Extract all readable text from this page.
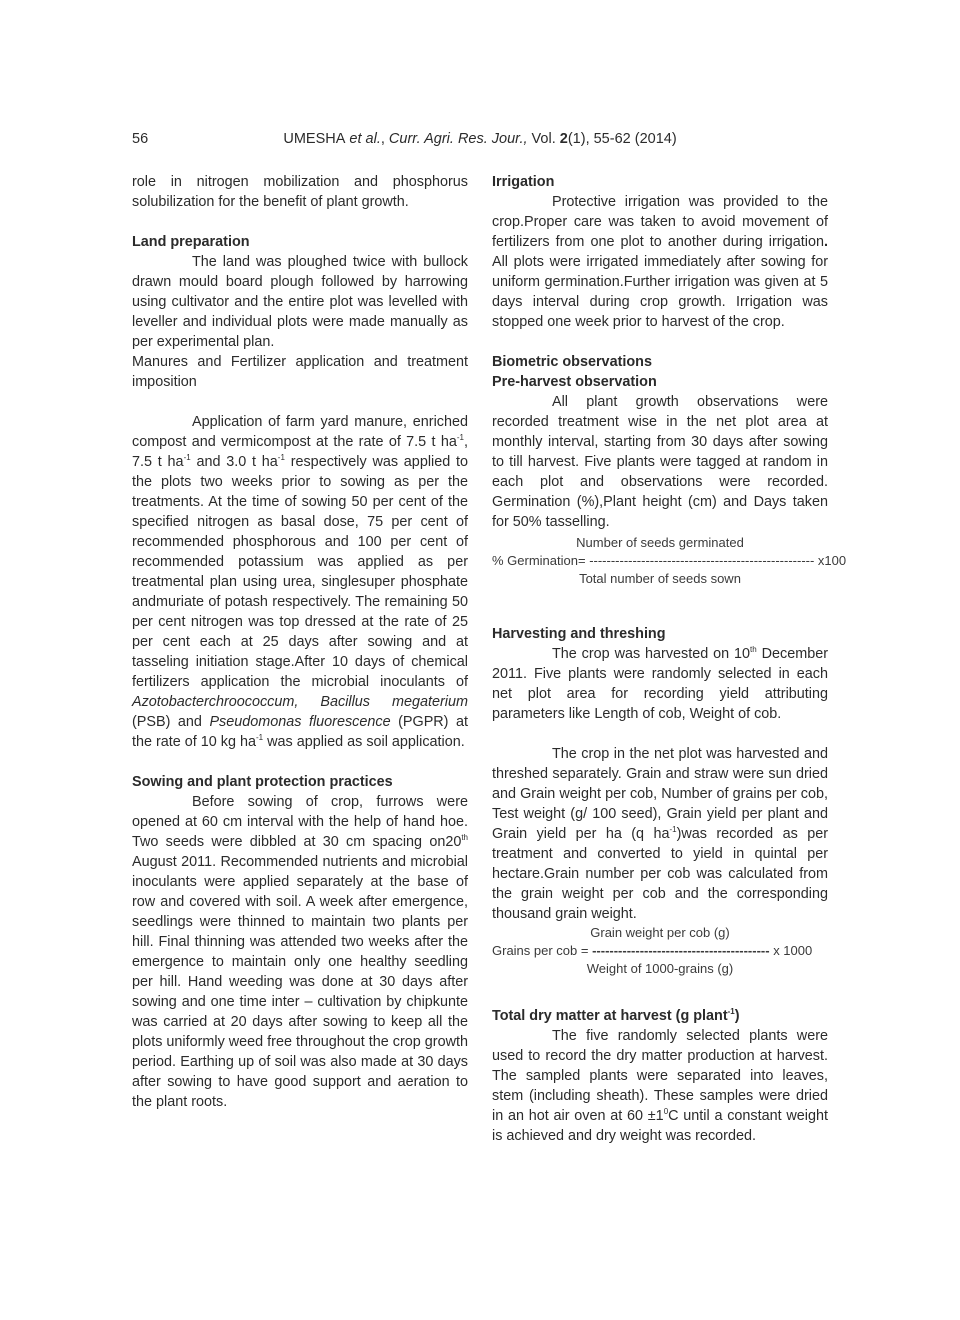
56	UMESHA et al., Curr. Agri. Res. Jour., Vol. 2(1), 55-62 (2014)

role in nitrogen mobilization and phosphorus solubilization for the benefit of plant growth.

Land preparation

The land was ploughed twice with bullock drawn mould board plough followed by harrowing using cultivator and the entire plot was levelled with leveller and individual plots were made manually as per experimental plan.

Manures and Fertilizer application and treatment imposition

Application of farm yard manure, enriched compost and vermicompost at the rate of 7.5 t $ha^{-1}$, 7.5 t $ha^{-1}$ and 3.0 t $ha^{-1}$ respectively was applied to the plots two weeks prior to sowing as per the treatments. At the time of sowing 50 per cent of the specified nitrogen as basal dose, 75 per cent of recommended phosphorous and 100 per cent of recommended potassium was applied as per treatmental plan using urea, singlesuper phosphate andmuriate of potash respectively. The remaining 50 per cent nitrogen was top dressed at the rate of 25 per cent each at 25 days after sowing and at tasseling initiation stage.After 10 days of chemical fertilizers application the microbial inoculants of Azotobacterchroococcum, Bacillus megaterium (PSB) and Pseudomonas fluorescence (PGPR) at the rate of 10 kg $ha^{-1}$ was applied as soil application.

Sowing and plant protection practices

Before sowing of crop, furrows were opened at 60 cm interval with the help of hand hoe. Two seeds were dibbled at 30 cm spacing on20th August 2011. Recommended nutrients and microbial inoculants were applied separately at the base of row and covered with soil. A week after emergence, seedlings were thinned to maintain two plants per hill. Final thinning was attended two weeks after the emergence to maintain only one healthy seedling per hill. Hand weeding was done at 30 days after sowing and one time inter – cultivation by chipkunte was carried at 20 days after sowing to keep all the plots uniformly weed free throughout the crop growth period. Earthing up of soil was also made at 30 days after sowing to have good support and aeration to the plant roots.

Irrigation

Protective irrigation was provided to the crop.Proper care was taken to avoid movement of fertilizers from one plot to another during irrigation. All plots were irrigated immediately after sowing for uniform germination.Further irrigation was given at 5 days interval during crop growth. Irrigation was stopped one week prior to harvest of the crop.

Biometric observations

Pre-harvest observation

All plant growth observations were recorded treatment wise in the net plot area at monthly interval, starting from 30 days after sowing to till harvest. Five plants were tagged at random in each plot and observations were recorded. Germination (%),Plant height (cm) and Days taken for 50% tasselling.

Number of seeds germinated
% Germination= ---------------------------------------------------- x100
Total number of seeds sown

Harvesting and threshing

The crop was harvested on 10th December 2011. Five plants were randomly selected in each net plot area for recording yield attributing parameters like Length of cob, Weight of cob.

The crop in the net plot was harvested and threshed separately. Grain and straw were sun dried and Grain weight per cob, Number of grains per cob, Test weight (g/ 100 seed), Grain yield per plant and Grain yield per ha (q $ha^{-1})was$ recorded as per treatment and converted to yield in quintal per hectare.Grain number per cob was calculated from the grain weight per cob and the corresponding thousand grain weight.

Grain weight per cob (g)
Grains per cob = ----------------------------------------- x 1000
Weight of 1000-grains (g)

Total dry matter at harvest (g plant$^{-1}$)

The five randomly selected plants were used to record the dry matter production at harvest. The sampled plants were separated into leaves, stem (including sheath). These samples were dried in an hot air oven at $60 \pm 1^0C$ until a constant weight is achieved and dry weight was recorded.
